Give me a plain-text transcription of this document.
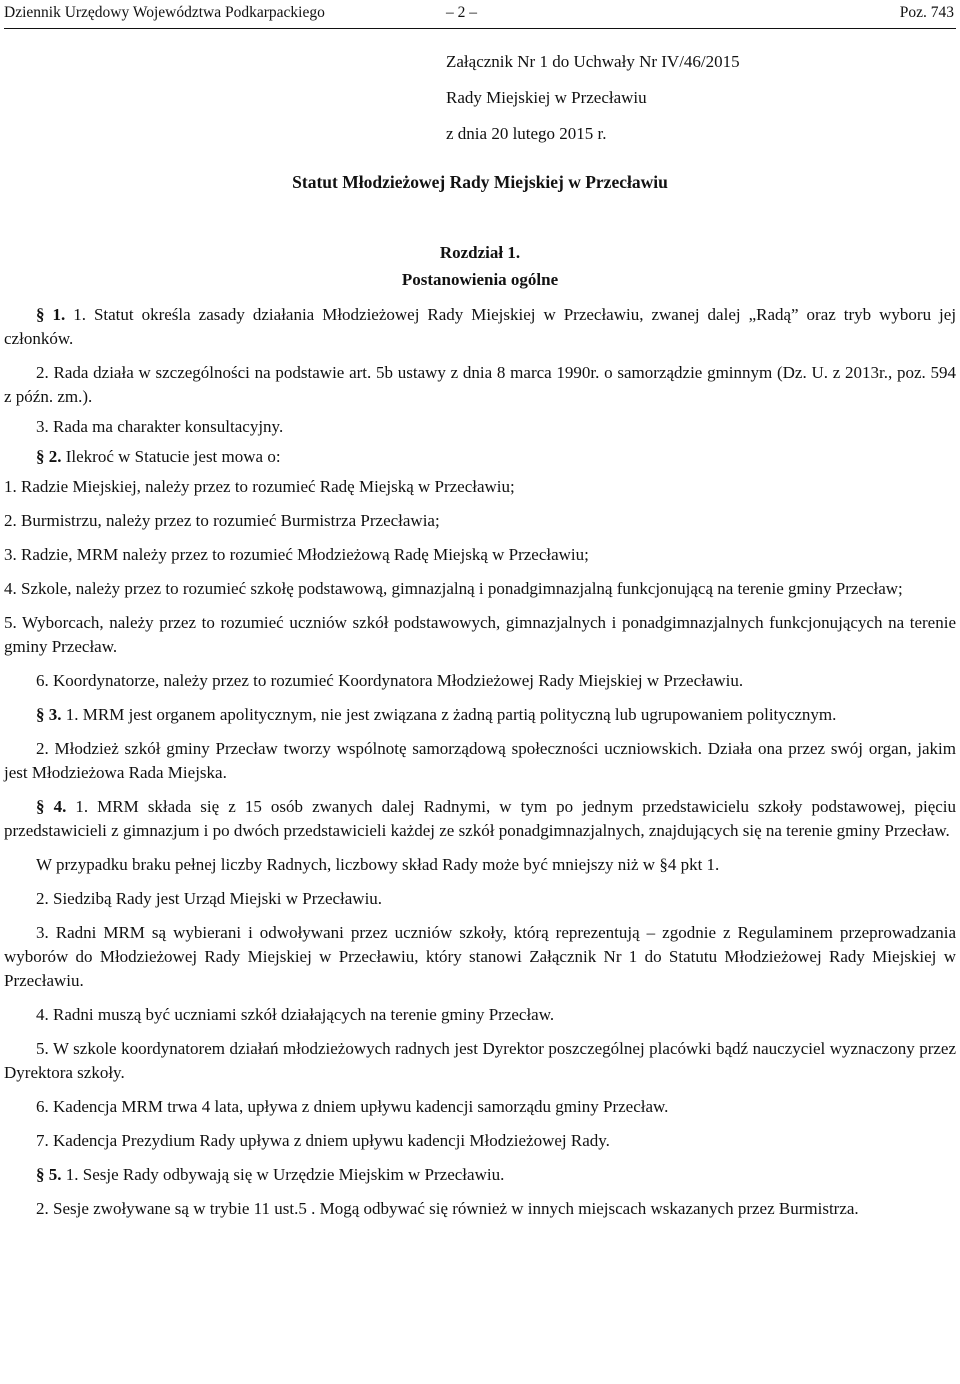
Dziennik Urzędowy Województwa Podkarpackiego	– 2 –	Poz. 743
Załącznik Nr 1 do Uchwały Nr IV/46/2015
Rady Miejskiej w Przecławiu
z dnia 20 lutego 2015 r.
Statut Młodzieżowej Rady Miejskiej w Przecławiu
Rozdział 1.
Postanowienia ogólne

§ 1. 1. Statut określa zasady działania Młodzieżowej Rady Miejskiej w Przecławiu, zwanej dalej „Radą” oraz tryb wyboru jej członków.

2. Rada działa w szczególności na podstawie art. 5b ustawy z dnia 8 marca 1990r. o samorządzie gminnym (Dz. U. z 2013r., poz. 594 z późn. zm.).

3. Rada ma charakter konsultacyjny.

§ 2. Ilekroć w Statucie jest mowa o:

1. Radzie Miejskiej, należy przez to rozumieć Radę Miejską w Przecławiu;

2. Burmistrzu, należy przez to rozumieć Burmistrza Przecławia;

3. Radzie, MRM należy przez to rozumieć Młodzieżową Radę Miejską w Przecławiu;

4. Szkole, należy przez to rozumieć szkołę podstawową, gimnazjalną i ponadgimnazjalną funkcjonującą na terenie gminy Przecław;

5. Wyborcach, należy przez to rozumieć uczniów szkół podstawowych, gimnazjalnych i ponadgimnazjalnych funkcjonujących na terenie gminy Przecław.

6. Koordynatorze, należy przez to rozumieć Koordynatora Młodzieżowej Rady Miejskiej w Przecławiu.

§ 3. 1. MRM jest organem apolitycznym, nie jest związana z żadną partią polityczną lub ugrupowaniem politycznym.

2. Młodzież szkół gminy Przecław tworzy wspólnotę samorządową społeczności uczniowskich. Działa ona przez swój organ, jakim jest Młodzieżowa Rada Miejska.

§ 4. 1. MRM składa się z 15 osób zwanych dalej Radnymi, w tym po jednym przedstawicielu szkoły podstawowej, pięciu przedstawicieli z gimnazjum i po dwóch przedstawicieli każdej ze szkół ponadgimnazjalnych, znajdujących się na terenie gminy Przecław.

W przypadku braku pełnej liczby Radnych, liczbowy skład Rady może być mniejszy niż w §4 pkt 1.

2. Siedzibą Rady jest Urząd Miejski w Przecławiu.

3. Radni MRM są wybierani i odwoływani przez uczniów szkoły, którą reprezentują – zgodnie z Regulaminem przeprowadzania wyborów do Młodzieżowej Rady Miejskiej w Przecławiu, który stanowi Załącznik Nr 1 do Statutu Młodzieżowej Rady Miejskiej w Przecławiu.

4. Radni muszą być uczniami szkół działających na terenie gminy Przecław.

5. W szkole koordynatorem działań młodzieżowych radnych jest Dyrektor poszczególnej placówki bądź nauczyciel wyznaczony przez Dyrektora szkoły.

6. Kadencja MRM trwa 4 lata, upływa z dniem upływu kadencji samorządu gminy Przecław.

7. Kadencja Prezydium Rady upływa z dniem upływu kadencji Młodzieżowej Rady.

§ 5. 1. Sesje Rady odbywają się w Urzędzie Miejskim w Przecławiu.

2. Sesje zwoływane są w trybie 11 ust.5 . Mogą odbywać się również w innych miejscach wskazanych przez Burmistrza.
